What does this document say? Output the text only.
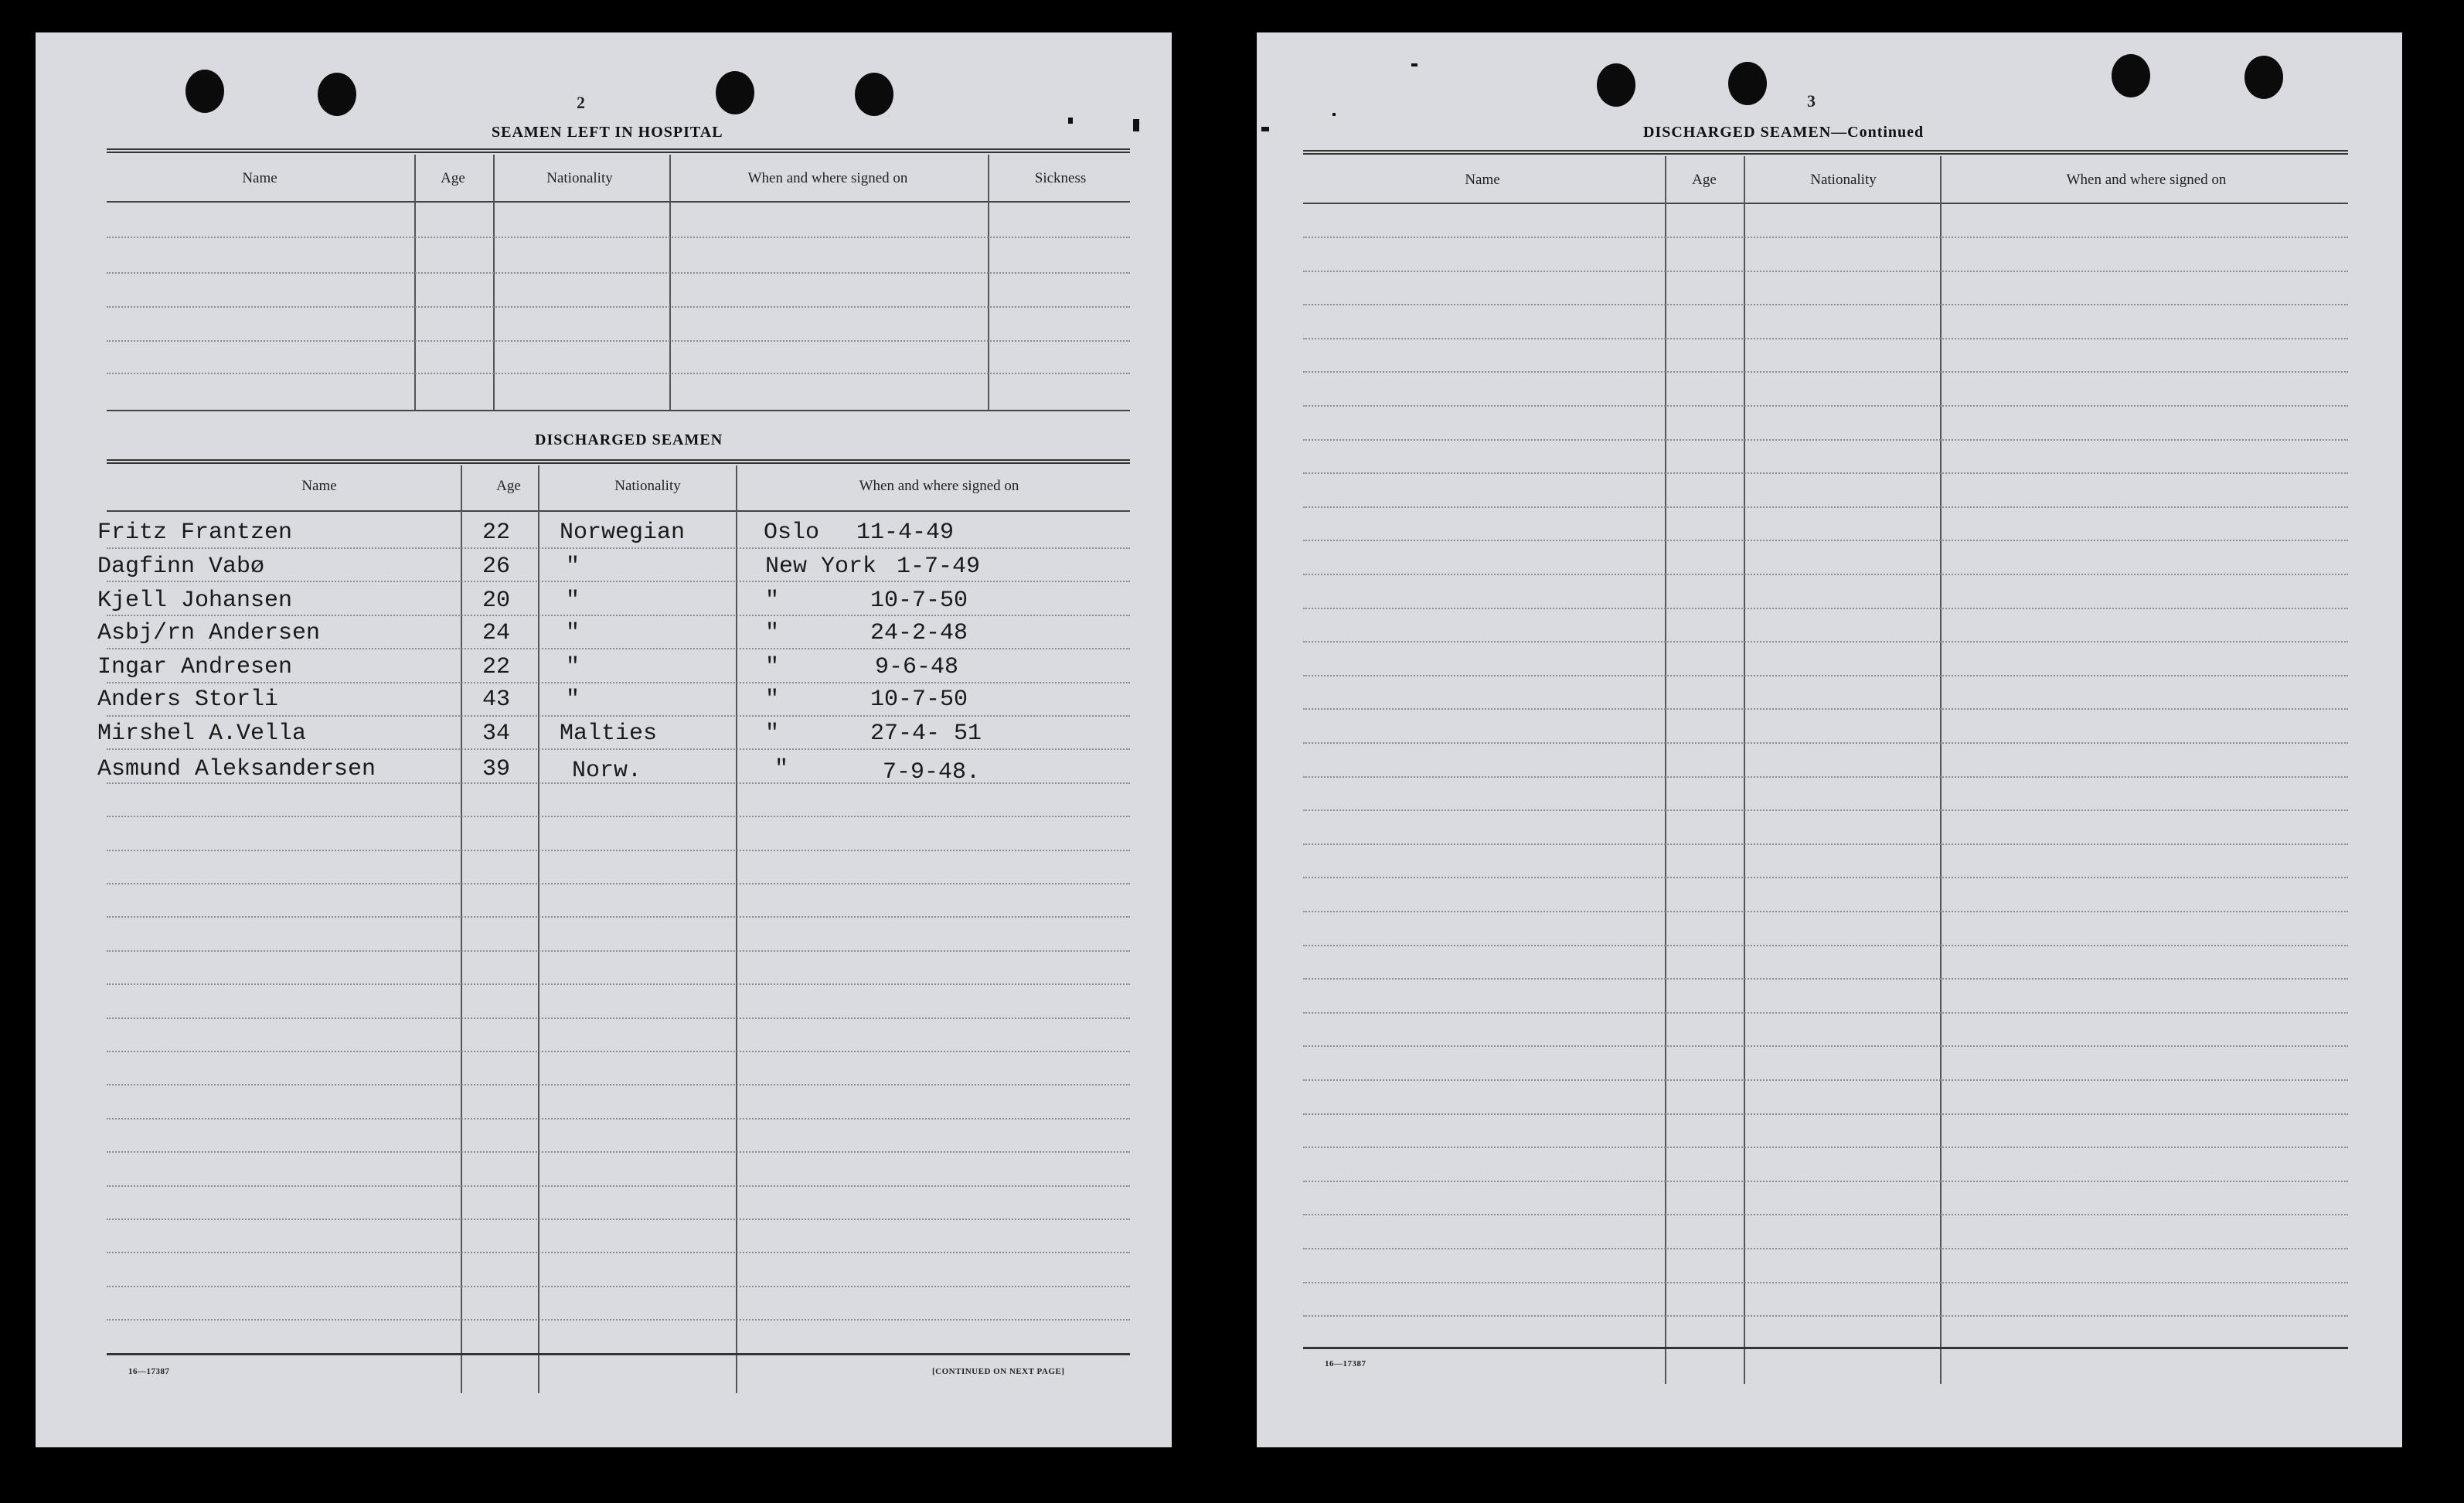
2
SEAMEN LEFT IN HOSPITAL
Name	Age	Nationality	When and where signed on	Sickness
DISCHARGED SEAMEN
Name	Age	Nationality	When and where signed on
Fritz Frantzen	22 Norwegian	Oslo 11-4-49
Dagfinn Vabø	26 "	New York 1-7-49
Kjell Johansen	20 "	"	10-7-50
Asbj/rn Andersen	24 "	"	24-2-48
Ingar Andresen	22 "	"	9-6-48
Anders Storli	43 "	"	10-7-50
Mirshel A.Vella	34 Malties	"	27-4- 51
Asmund Aleksandersen	39	Norw.	"	7-9-48.
16—17387	[CONTINUED ON NEXT PAGE]
3
DISCHARGED SEAMEN—Continued
Name	Age	Nationality	When and where signed on
16—17387
